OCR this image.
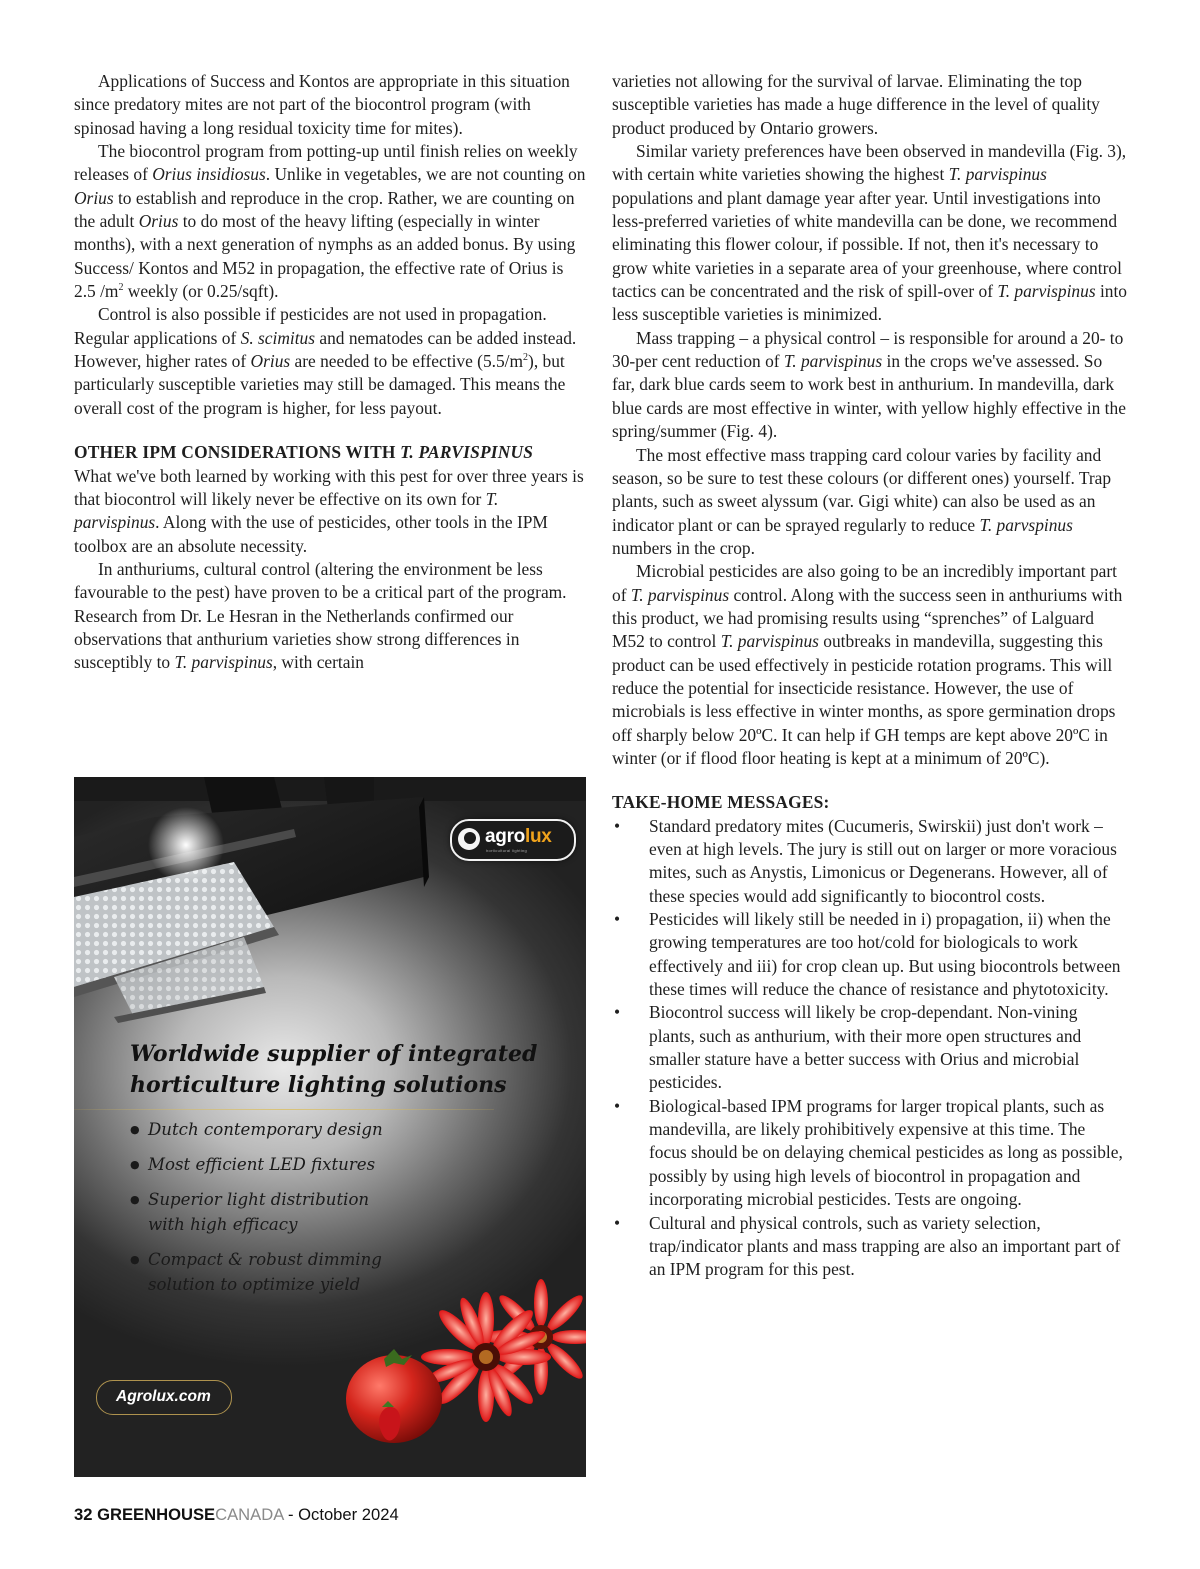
Applications of Success and Kontos are appropriate in this situation since predatory mites are not part of the biocontrol program (with spinosad having a long residual toxicity time for mites).

The biocontrol program from potting-up until finish relies on weekly releases of Orius insidiosus. Unlike in vegetables, we are not counting on Orius to establish and reproduce in the crop. Rather, we are counting on the adult Orius to do most of the heavy lifting (especially in winter months), with a next generation of nymphs as an added bonus. By using Success/ Kontos and M52 in propagation, the effective rate of Orius is 2.5 $/m^2$ weekly (or 0.25/sqft).

Control is also possible if pesticides are not used in propagation. Regular applications of S. scimitus and nematodes can be added instead. However, higher rates of Orius are needed to be effective $(5.5/m^2)$, but particularly susceptible varieties may still be damaged. This means the overall cost of the program is higher, for less payout.

OTHER IPM CONSIDERATIONS WITH T. PARVISPINUS

What we've both learned by working with this pest for over three years is that biocontrol will likely never be effective on its own for T. parvispinus. Along with the use of pesticides, other tools in the IPM toolbox are an absolute necessity.

In anthuriums, cultural control (altering the environment be less favourable to the pest) have proven to be a critical part of the program. Research from Dr. Le Hesran in the Netherlands confirmed our observations that anthurium varieties show strong differences in susceptibly to T. parvispinus, with certain

agrolux
horticultural lighting
Worldwide supplier of integrated
horticulture lighting solutions
● Dutch contemporary design
● Most efficient LED fixtures
● Superior light distribution
with high efficacy
● Compact & robust dimming
solution to optimize yield
Agrolux.com

varieties not allowing for the survival of larvae. Eliminating the top susceptible varieties has made a huge difference in the level of quality product produced by Ontario growers.

Similar variety preferences have been observed in mandevilla (Fig. 3), with certain white varieties showing the highest T. parvispinus populations and plant damage year after year. Until investigations into less-preferred varieties of white mandevilla can be done, we recommend eliminating this flower colour, if possible. If not, then it's necessary to grow white varieties in a separate area of your greenhouse, where control tactics can be concentrated and the risk of spill-over of T. parvispinus into less susceptible varieties is minimized.

Mass trapping – a physical control – is responsible for around a 20- to 30-per cent reduction of T. parvispinus in the crops we've assessed. So far, dark blue cards seem to work best in anthurium. In mandevilla, dark blue cards are most effective in winter, with yellow highly effective in the spring/summer (Fig. 4).

The most effective mass trapping card colour varies by facility and season, so be sure to test these colours (or different ones) yourself. Trap plants, such as sweet alyssum (var. Gigi white) can also be used as an indicator plant or can be sprayed regularly to reduce T. parvspinus numbers in the crop.

Microbial pesticides are also going to be an incredibly important part of T. parvispinus control. Along with the success seen in anthuriums with this product, we had promising results using “sprenches” of Lalguard M52 to control T. parvispinus outbreaks in mandevilla, suggesting this product can be used effectively in pesticide rotation programs. This will reduce the potential for insecticide resistance. However, the use of microbials is less effective in winter months, as spore germination drops off sharply below 20ºC. It can help if GH temps are kept above 20ºC in winter (or if flood floor heating is kept at a minimum of 20ºC).

TAKE-HOME MESSAGES:
• Standard predatory mites (Cucumeris, Swirskii) just don't work – even at high levels. The jury is still out on larger or more voracious mites, such as Anystis, Limonicus or Degenerans. However, all of these species would add significantly to biocontrol costs.
• Pesticides will likely still be needed in i) propagation, ii) when the growing temperatures are too hot/cold for biologicals to work effectively and iii) for crop clean up. But using biocontrols between these times will reduce the chance of resistance and phytotoxicity.
• Biocontrol success will likely be crop-dependant. Non-vining plants, such as anthurium, with their more open structures and smaller stature have a better success with Orius and microbial pesticides.
• Biological-based IPM programs for larger tropical plants, such as mandevilla, are likely prohibitively expensive at this time. The focus should be on delaying chemical pesticides as long as possible, possibly by using high levels of biocontrol in propagation and incorporating microbial pesticides. Tests are ongoing.
• Cultural and physical controls, such as variety selection, trap/indicator plants and mass trapping are also an important part of an IPM program for this pest.
32 GREENHOUSECANADA - October 2024
